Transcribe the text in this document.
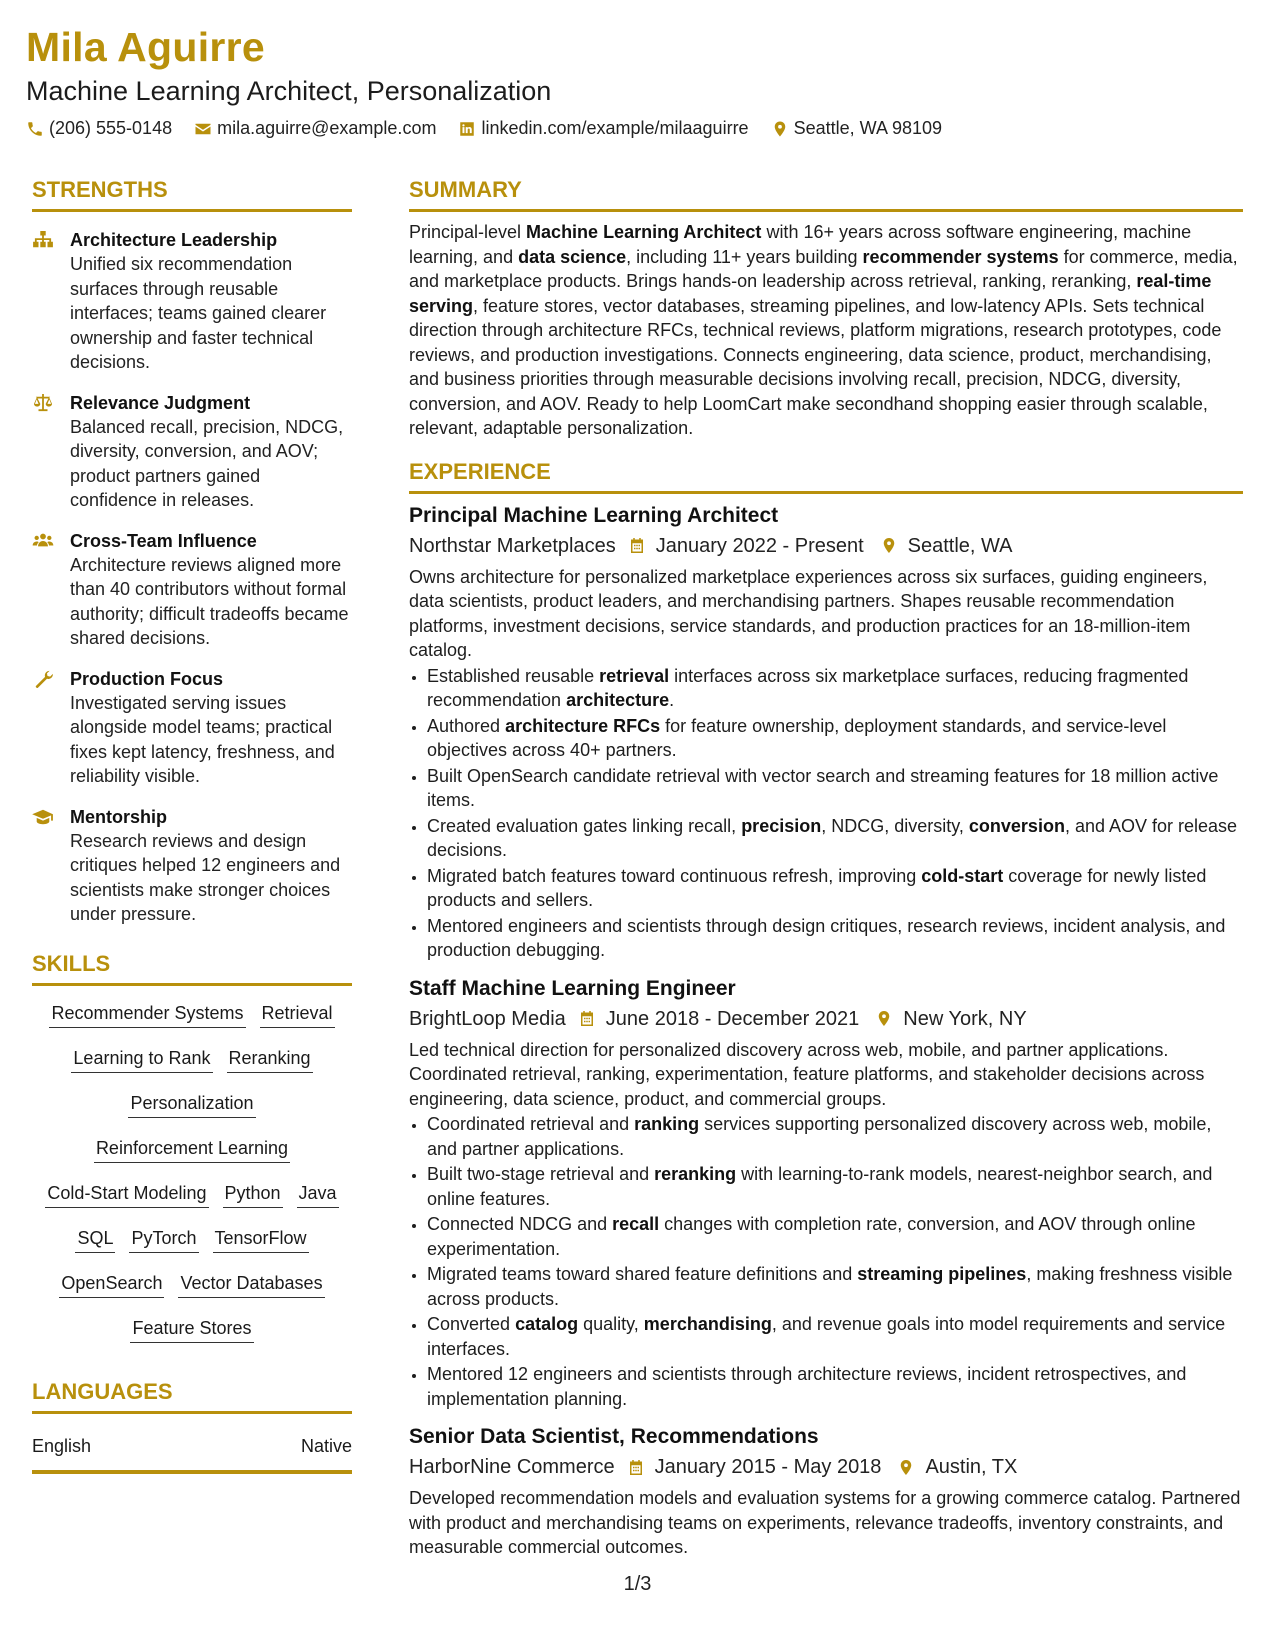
Mila Aguirre
Machine Learning Architect, Personalization
(206) 555-0148	mila.aguirre@example.com	linkedin.com/example/milaaguirre	Seattle, WA 98109
STRENGTHS
Architecture Leadership
Unified six recommendation surfaces through reusable interfaces; teams gained clearer ownership and faster technical decisions.
Relevance Judgment
Balanced recall, precision, NDCG, diversity, conversion, and AOV; product partners gained confidence in releases.
Cross-Team Influence
Architecture reviews aligned more than 40 contributors without formal authority; difficult tradeoffs became shared decisions.
Production Focus
Investigated serving issues alongside model teams; practical fixes kept latency, freshness, and reliability visible.
Mentorship
Research reviews and design critiques helped 12 engineers and scientists make stronger choices under pressure.
SKILLS
Recommender Systems Retrieval
Learning to Rank Reranking
Personalization
Reinforcement Learning
Cold-Start Modeling Python Java
SQL PyTorch TensorFlow
OpenSearch Vector Databases
Feature Stores
LANGUAGES
English	Native
SUMMARY
Principal-level Machine Learning Architect with 16+ years across software engineering, machine learning, and data science, including 11+ years building recommender systems for commerce, media, and marketplace products. Brings hands-on leadership across retrieval, ranking, reranking, real-time serving, feature stores, vector databases, streaming pipelines, and low-latency APIs. Sets technical direction through architecture RFCs, technical reviews, platform migrations, research prototypes, code reviews, and production investigations. Connects engineering, data science, product, merchandising, and business priorities through measurable decisions involving recall, precision, NDCG, diversity, conversion, and AOV. Ready to help LoomCart make secondhand shopping easier through scalable, relevant, adaptable personalization.
EXPERIENCE
Principal Machine Learning Architect
Northstar Marketplaces January 2022 - Present Seattle, WA
Owns architecture for personalized marketplace experiences across six surfaces, guiding engineers, data scientists, product leaders, and merchandising partners. Shapes reusable recommendation platforms, investment decisions, service standards, and production practices for an 18-million-item catalog.
• Established reusable retrieval interfaces across six marketplace surfaces, reducing fragmented recommendation architecture.
• Authored architecture RFCs for feature ownership, deployment standards, and service-level objectives across 40+ partners.
• Built OpenSearch candidate retrieval with vector search and streaming features for 18 million active items.
• Created evaluation gates linking recall, precision, NDCG, diversity, conversion, and AOV for release decisions.
• Migrated batch features toward continuous refresh, improving cold-start coverage for newly listed products and sellers.
• Mentored engineers and scientists through design critiques, research reviews, incident analysis, and production debugging.
Staff Machine Learning Engineer
BrightLoop Media June 2018 - December 2021 New York, NY
Led technical direction for personalized discovery across web, mobile, and partner applications. Coordinated retrieval, ranking, experimentation, feature platforms, and stakeholder decisions across engineering, data science, product, and commercial groups.
• Coordinated retrieval and ranking services supporting personalized discovery across web, mobile, and partner applications.
• Built two-stage retrieval and reranking with learning-to-rank models, nearest-neighbor search, and online features.
• Connected NDCG and recall changes with completion rate, conversion, and AOV through online experimentation.
• Migrated teams toward shared feature definitions and streaming pipelines, making freshness visible across products.
• Converted catalog quality, merchandising, and revenue goals into model requirements and service interfaces.
• Mentored 12 engineers and scientists through architecture reviews, incident retrospectives, and implementation planning.
Senior Data Scientist, Recommendations
HarborNine Commerce January 2015 - May 2018 Austin, TX
Developed recommendation models and evaluation systems for a growing commerce catalog. Partnered with product and merchandising teams on experiments, relevance tradeoffs, inventory constraints, and measurable commercial outcomes.
1/3
